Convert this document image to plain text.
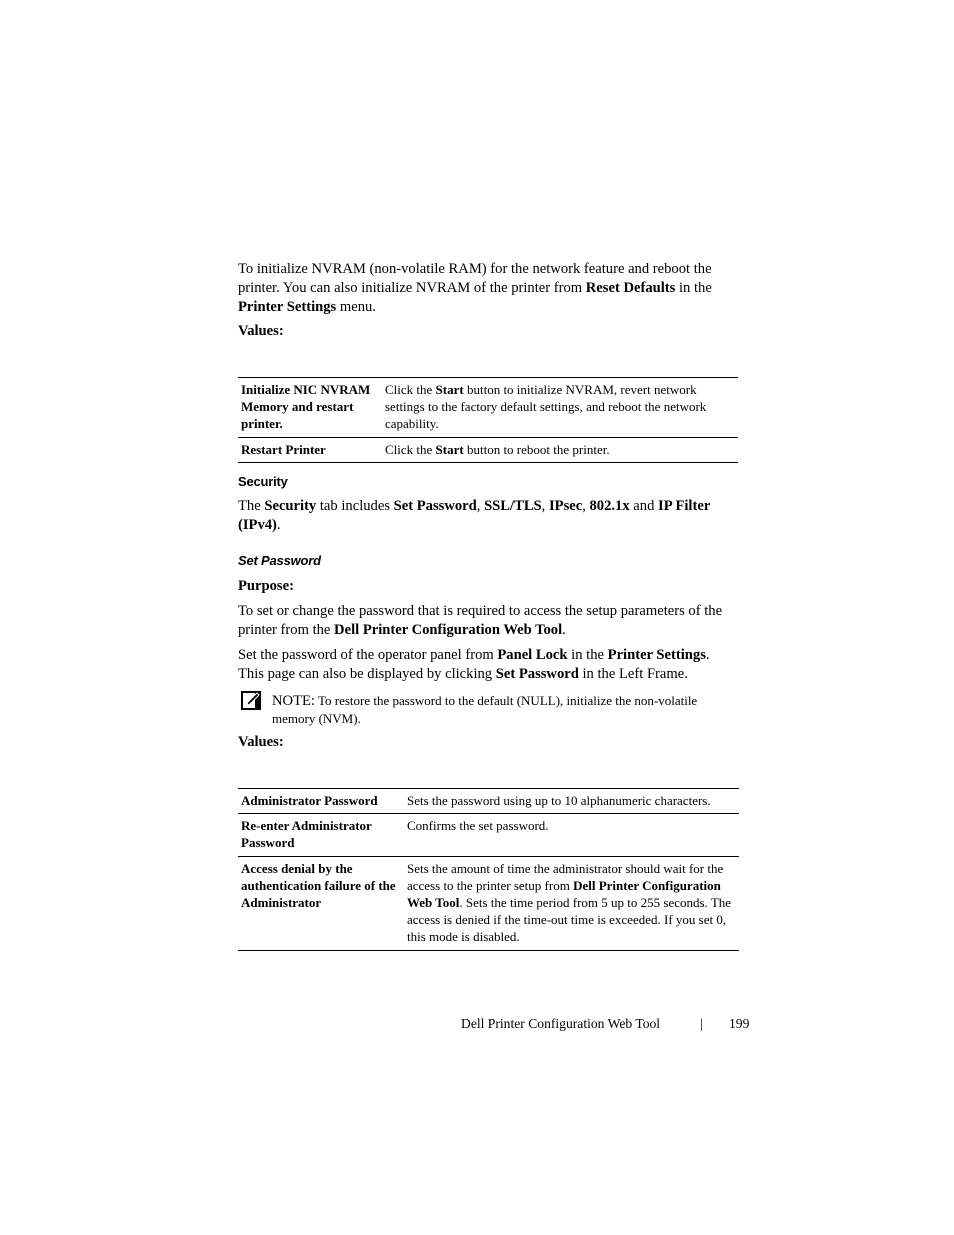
To initialize NVRAM (non-volatile RAM) for the network feature and reboot the printer. You can also initialize NVRAM of the printer from Reset Defaults in the Printer Settings menu.

Values:

Initialize NIC NVRAM Memory and restart printer.	Click the Start button to initialize NVRAM, revert network settings to the factory default settings, and reboot the network capability.
Restart Printer	Click the Start button to reboot the printer.

Security

The Security tab includes Set Password, SSL/TLS, IPsec, 802.1x and IP Filter (IPv4).

Set Password

Purpose:

To set or change the password that is required to access the setup parameters of the printer from the Dell Printer Configuration Web Tool.

Set the password of the operator panel from Panel Lock in the Printer Settings. This page can also be displayed by clicking Set Password in the Left Frame.

NOTE: To restore the password to the default (NULL), initialize the non-volatile memory (NVM).

Values:

Administrator Password	Sets the password using up to 10 alphanumeric characters.
Re-enter Administrator Password	Confirms the set password.
Access denial by the authentication failure of the Administrator	Sets the amount of time the administrator should wait for the access to the printer setup from Dell Printer Configuration Web Tool. Sets the time period from 5 up to 255 seconds. The access is denied if the time-out time is exceeded. If you set 0, this mode is disabled.
Dell Printer Configuration Web Tool	| 199
